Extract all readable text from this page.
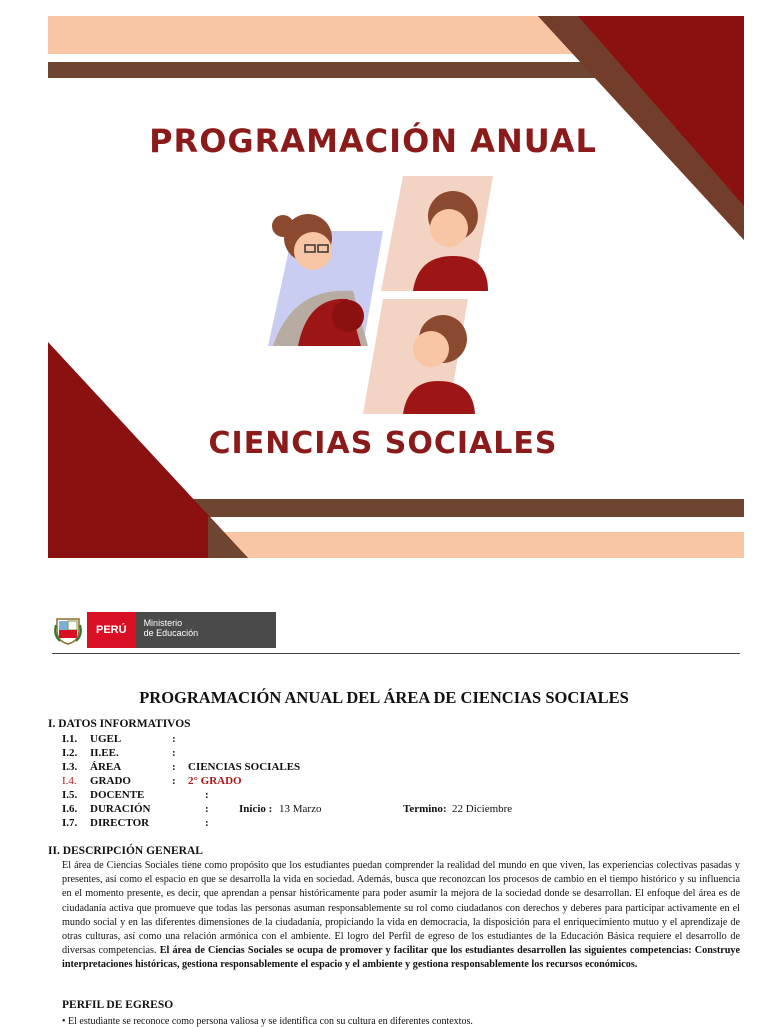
PROGRAMACIÓN ANUAL
CIENCIAS SOCIALES
PERÚ
Ministerio
de Educación
PROGRAMACIÓN ANUAL DEL ÁREA DE CIENCIAS SOCIALES
I. DATOS INFORMATIVOS
I.1. UGEL	:
I.2. II.EE.	:
I.3. ÁREA	: CIENCIAS SOCIALES
I.4. GRADO	: 2° GRADO
I.5. DOCENTE	:
I.6. DURACIÓN	:	Inicio : 13 Marzo	Termino: 22 Diciembre
I.7. DIRECTOR	:
II. DESCRIPCIÓN GENERAL
El área de Ciencias Sociales tiene como propósito que los estudiantes puedan comprender la realidad del mundo en que viven, las experiencias colectivas pasadas y presentes, así como el espacio en que se desarrolla la vida en sociedad. Además, busca que reconozcan los procesos de cambio en el tiempo histórico y su influencia en el momento presente, es decir, que aprendan a pensar históricamente para poder asumir la mejora de la sociedad donde se desarrollan. El enfoque del área es de ciudadanía activa que promueve que todas las personas asuman responsablemente su rol como ciudadanos con derechos y deberes para participar activamente en el mundo social y en las diferentes dimensiones de la ciudadanía, propiciando la vida en democracia, la disposición para el enriquecimiento mutuo y el aprendizaje de otras culturas, así como una relación armónica con el ambiente. El logro del Perfil de egreso de los estudiantes de la Educación Básica requiere el desarrollo de diversas competencias. El área de Ciencias Sociales se ocupa de promover y facilitar que los estudiantes desarrollen las siguientes competencias: Construye interpretaciones históricas, gestiona responsablemente el espacio y el ambiente y gestiona responsablemente los recursos económicos.
PERFIL DE EGRESO
• El estudiante se reconoce como persona valiosa y se identifica con su cultura en diferentes contextos.
